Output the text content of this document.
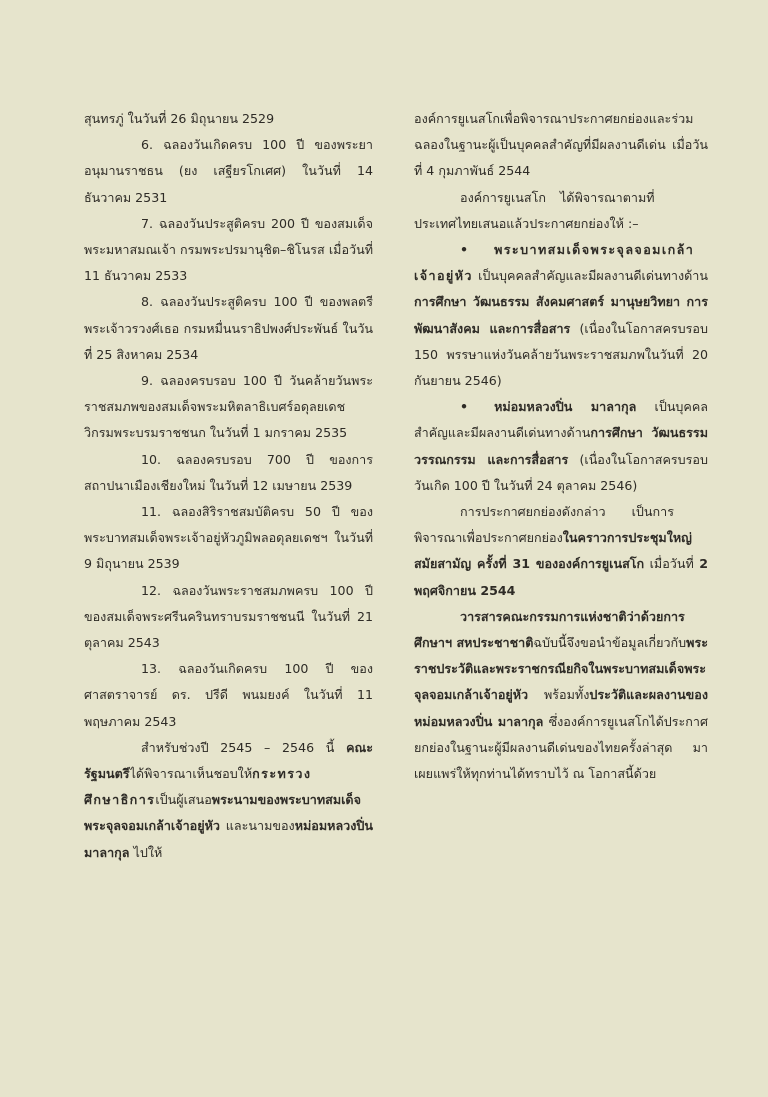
สุนทรภู่ ในวันที่ 26 มิถุนายน 2529

6. ฉลองวันเกิดครบ 100 ปี ของพระยาอนุมานราชธน (ยง เสฐียรโกเศศ) ในวันที่ 14 ธันวาคม 2531

7. ฉลองวันประสูติครบ 200 ปี ของสมเด็จพระมหาสมณเจ้า กรมพระปรมานุชิต–ชิโนรส เมื่อวันที่ 11 ธันวาคม 2533

8. ฉลองวันประสูติครบ 100 ปี ของพลตรีพระเจ้าวรวงศ์เธอ กรมหมื่นนราธิปพงศ์ประพันธ์ ในวันที่ 25 สิงหาคม 2534

9. ฉลองครบรอบ 100 ปี วันคล้ายวันพระราชสมภพของสมเด็จพระมหิตลาธิเบศร์อดุลยเดชวิกรมพระบรมราชชนก ในวันที่ 1 มกราคม 2535

10. ฉลองครบรอบ 700 ปี ของการสถาปนาเมืองเชียงใหม่ ในวันที่ 12 เมษายน 2539

11. ฉลองสิริราชสมบัติครบ 50 ปี ของพระบาทสมเด็จพระเจ้าอยู่หัวภูมิพลอดุลยเดชฯ ในวันที่ 9 มิถุนายน 2539

12. ฉลองวันพระราชสมภพครบ 100 ปี ของสมเด็จพระศรีนครินทราบรมราชชนนี ในวันที่ 21 ตุลาคม 2543

13. ฉลองวันเกิดครบ 100 ปี ของศาสตราจารย์ ดร. ปรีดี พนมยงค์ ในวันที่ 11 พฤษภาคม 2543

สำหรับช่วงปี 2545 – 2546 นี้ คณะรัฐมนตรีได้พิจารณาเห็นชอบให้กระทรวงศึกษาธิการเป็นผู้เสนอพระนามของพระบาทสมเด็จพระจุลจอมเกล้าเจ้าอยู่หัว และนามของหม่อมหลวงปิ่น มาลากุล ไปให้

องค์การยูเนสโกเพื่อพิจารณาประกาศยกย่องและร่วมฉลองในฐานะผู้เป็นบุคคลสำคัญที่มีผลงานดีเด่น เมื่อวันที่ 4 กุมภาพันธ์ 2544

องค์การยูเนสโก ได้พิจารณาตามที่ประเทศไทยเสนอแล้วประกาศยกย่องให้ :–

• พระบาทสมเด็จพระจุลจอมเกล้าเจ้าอยู่หัว เป็นบุคคลสำคัญและมีผลงานดีเด่นทางด้านการศึกษา วัฒนธรรม สังคมศาสตร์ มานุษยวิทยา การพัฒนาสังคม และการสื่อสาร (เนื่องในโอกาสครบรอบ 150 พรรษาแห่งวันคล้ายวันพระราชสมภพในวันที่ 20 กันยายน 2546)

• หม่อมหลวงปิ่น มาลากุล เป็นบุคคลสำคัญและมีผลงานดีเด่นทางด้านการศึกษา วัฒนธรรม วรรณกรรม และการสื่อสาร (เนื่องในโอกาสครบรอบวันเกิด 100 ปี ในวันที่ 24 ตุลาคม 2546)

การประกาศยกย่องดังกล่าว เป็นการพิจารณาเพื่อประกาศยกย่องในคราวการประชุมใหญ่สมัยสามัญ ครั้งที่ 31 ขององค์การยูเนสโก เมื่อวันที่ 2 พฤศจิกายน 2544

วารสารคณะกรรมการแห่งชาติว่าด้วยการศึกษาฯ สหประชาชาติฉบับนี้จึงขอนำข้อมูลเกี่ยวกับพระราชประวัติและพระราชกรณียกิจในพระบาทสมเด็จพระจุลจอมเกล้าเจ้าอยู่หัว พร้อมทั้งประวัติและผลงานของหม่อมหลวงปิ่น มาลากุล ซึ่งองค์การยูเนสโกได้ประกาศยกย่องในฐานะผู้มีผลงานดีเด่นของไทยครั้งล่าสุด มาเผยแพร่ให้ทุกท่านได้ทราบไว้ ณ โอกาสนี้ด้วย
